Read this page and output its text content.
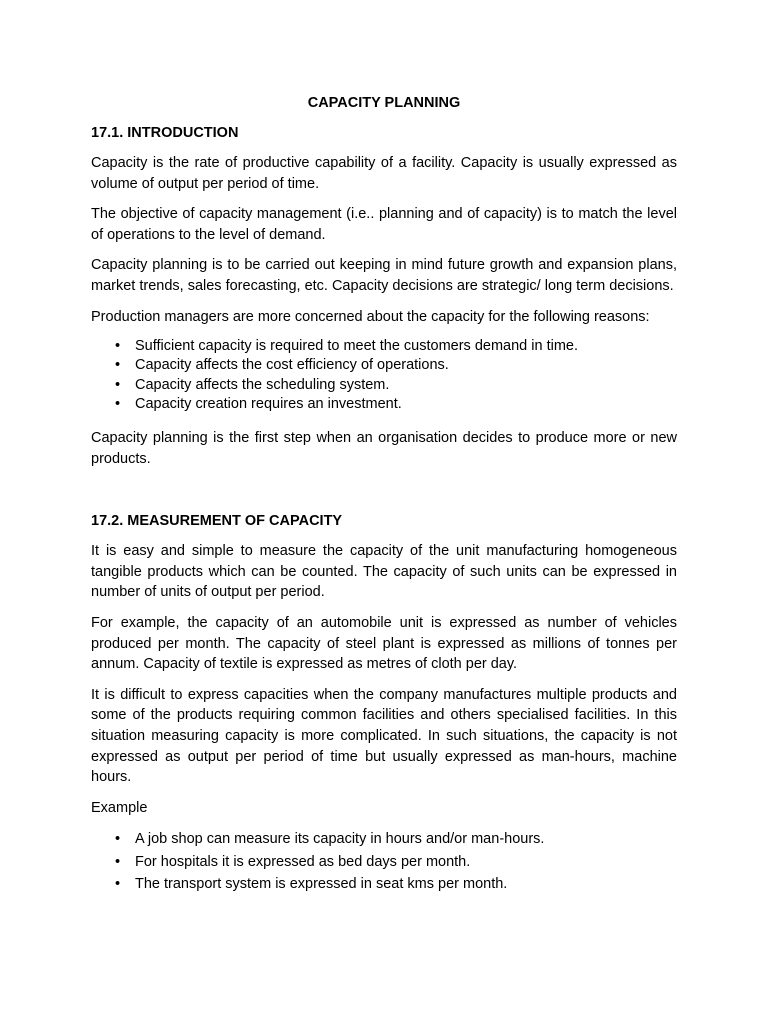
CAPACITY PLANNING
17.1. INTRODUCTION

Capacity is the rate of productive capability of a facility. Capacity is usually expressed as volume of output per period of time.

The objective of capacity management (i.e.. planning and of capacity) is to match the level of operations to the level of demand.

Capacity planning is to be carried out keeping in mind future growth and expansion plans, market trends, sales forecasting, etc. Capacity decisions are strategic/ long term decisions.

Production managers are more concerned about the capacity for the following reasons:

• Sufficient capacity is required to meet the customers demand in time.
• Capacity affects the cost efficiency of operations.
• Capacity affects the scheduling system.
• Capacity creation requires an investment.

Capacity planning is the first step when an organisation decides to produce more or new products.

17.2. MEASUREMENT OF CAPACITY

It is easy and simple to measure the capacity of the unit manufacturing homogeneous tangible products which can be counted. The capacity of such units can be expressed in number of units of output per period.

For example, the capacity of an automobile unit is expressed as number of vehicles produced per month. The capacity of steel plant is expressed as millions of tonnes per annum. Capacity of textile is expressed as metres of cloth per day.

It is difficult to express capacities when the company manufactures multiple products and some of the products requiring common facilities and others specialised facilities. In this situation measuring capacity is more complicated. In such situations, the capacity is not expressed as output per period of time but usually expressed as man-hours, machine hours.

Example

• A job shop can measure its capacity in hours and/or man-hours.
• For hospitals it is expressed as bed days per month.
• The transport system is expressed in seat kms per month.
